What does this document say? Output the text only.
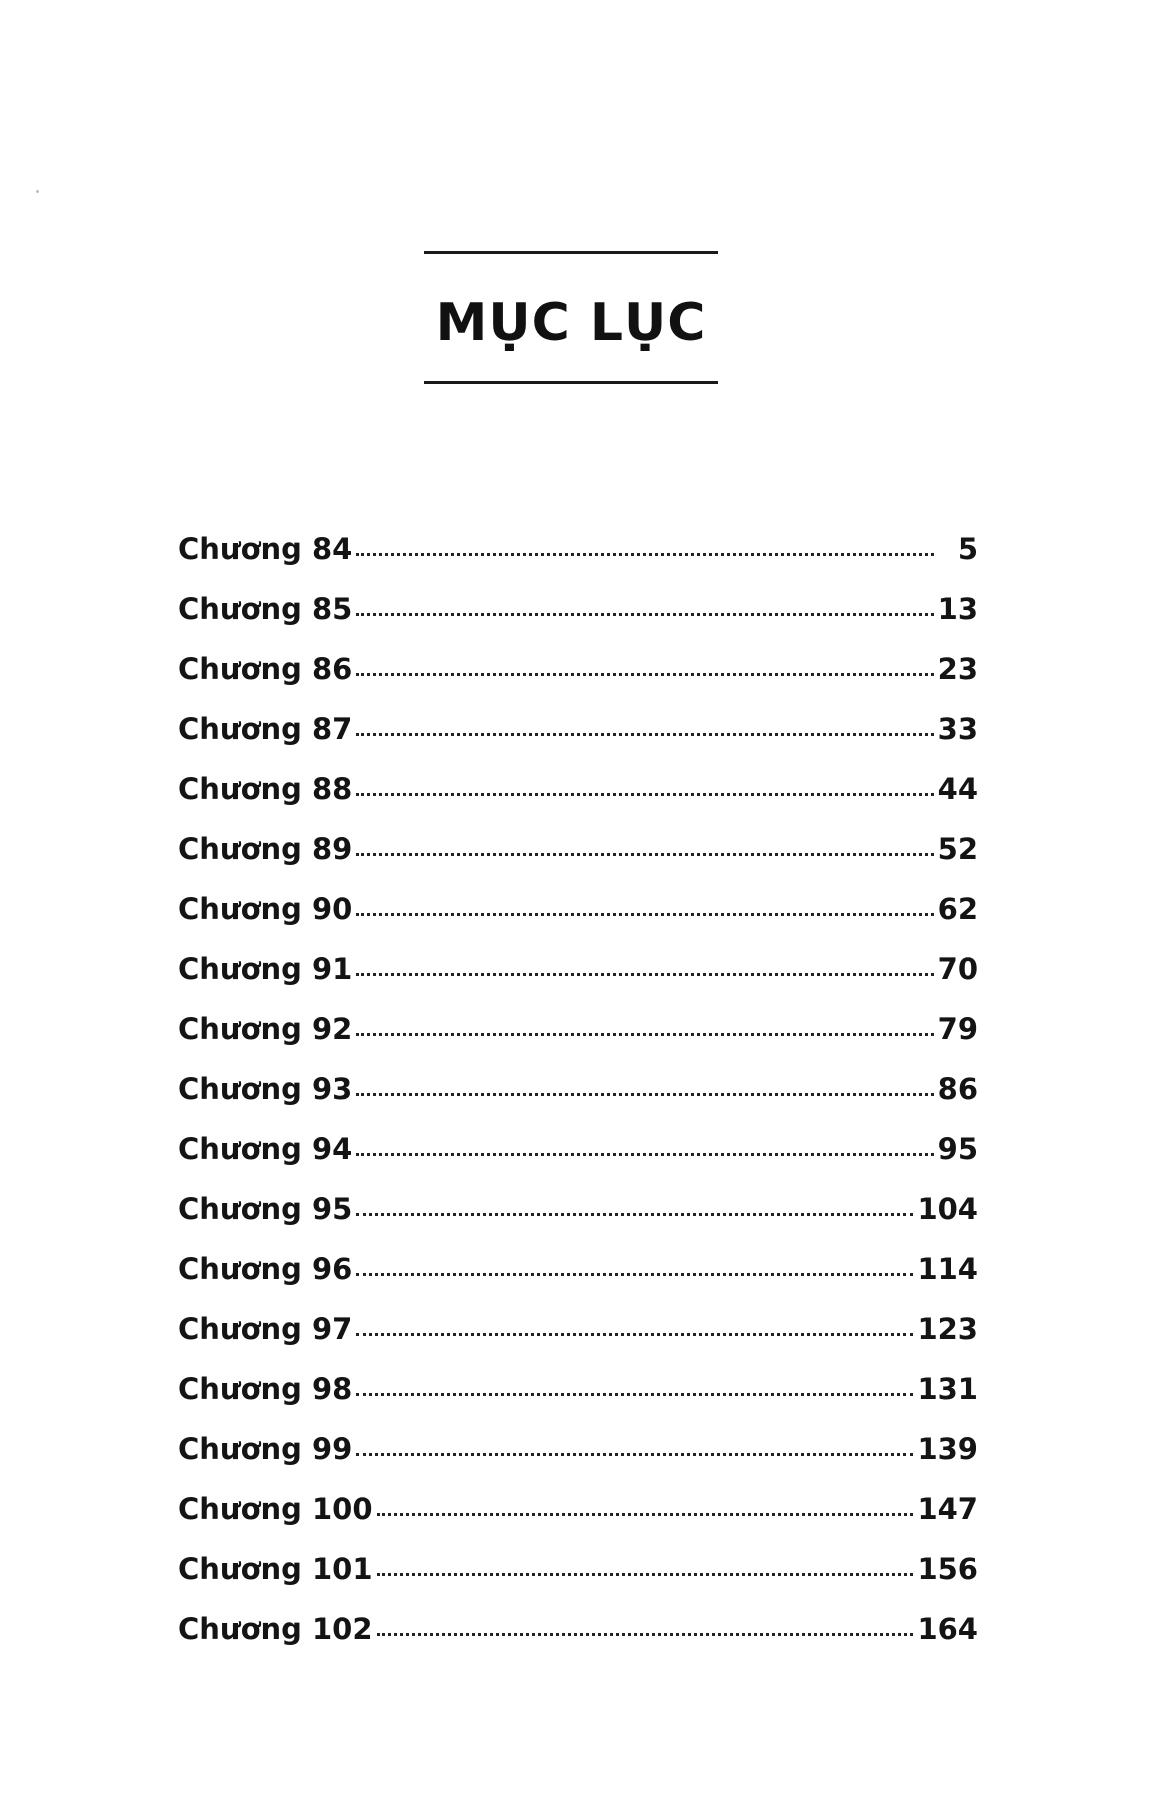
MỤC LỤC
Chương 84	5
Chương 85	13
Chương 86	23
Chương 87	33
Chương 88	44
Chương 89	52
Chương 90	62
Chương 91	70
Chương 92	79
Chương 93	86
Chương 94	95
Chương 95	104
Chương 96	114
Chương 97	123
Chương 98	131
Chương 99	139
Chương 100	147
Chương 101	156
Chương 102	164
